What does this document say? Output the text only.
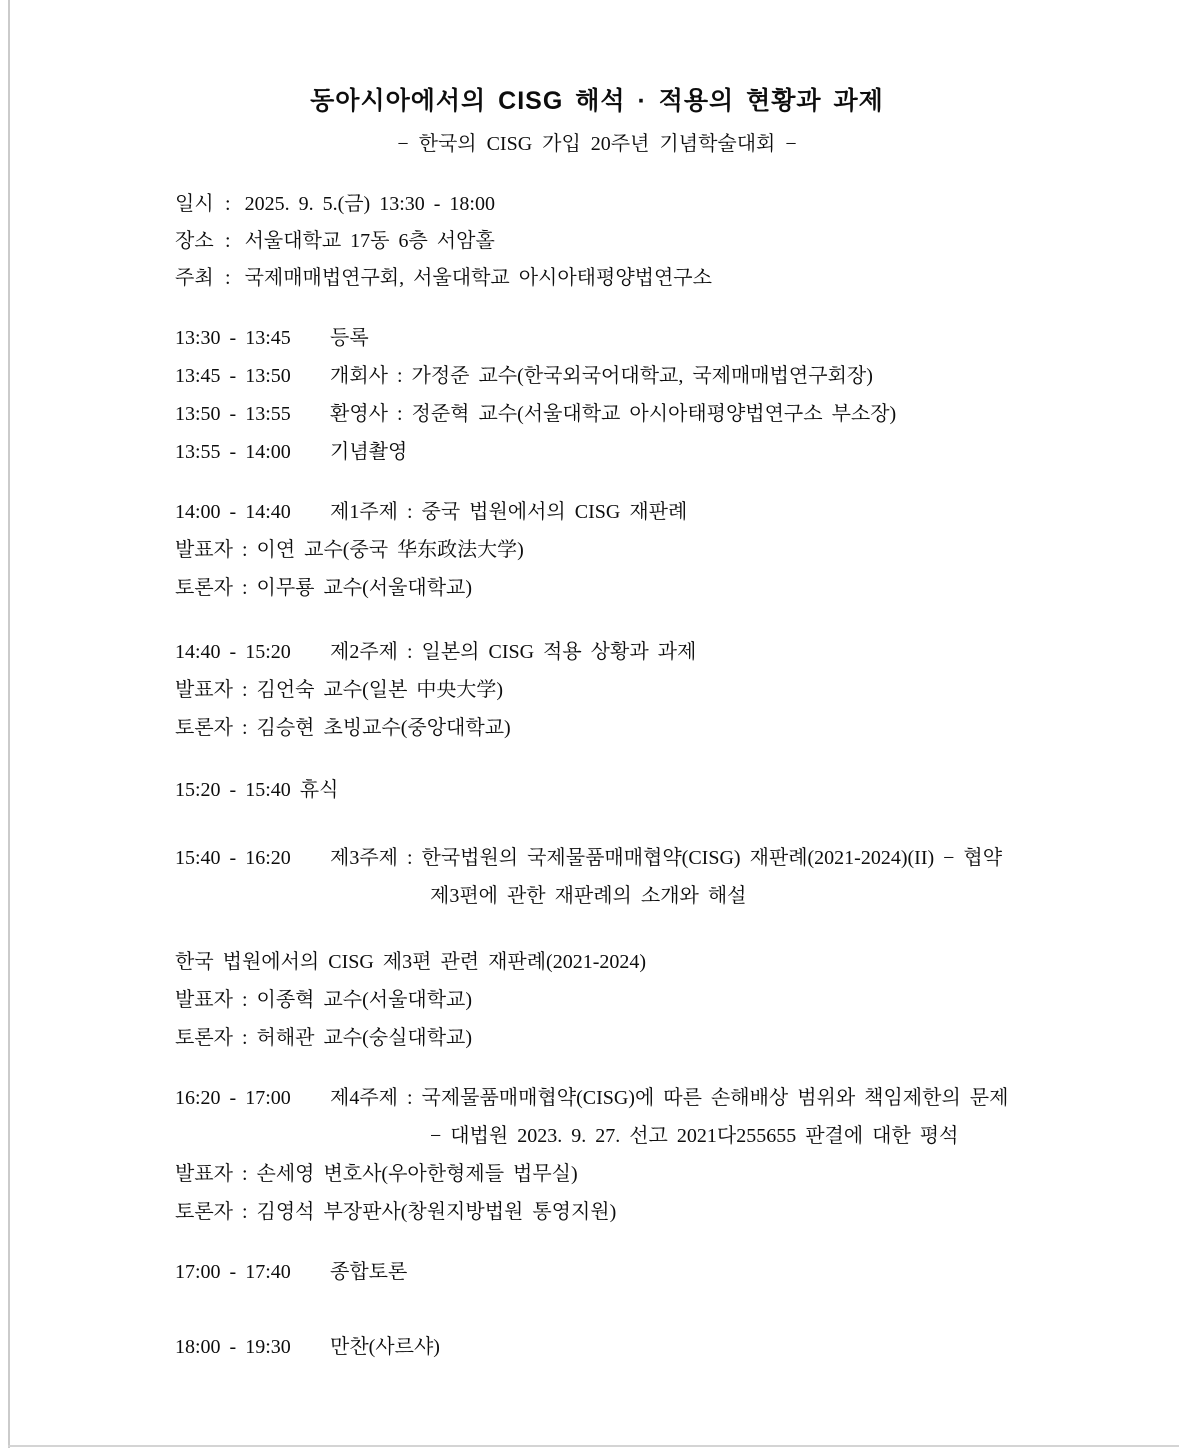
동아시아에서의 CISG 해석 · 적용의 현황과 과제
− 한국의 CISG 가입 20주년 기념학술대회 −
일시 : 2025. 9. 5.(금) 13:30 - 18:00
장소 : 서울대학교 17동 6층 서암홀
주최 : 국제매매법연구회, 서울대학교 아시아태평양법연구소
13:30 - 13:45	등록
13:45 - 13:50	개회사 : 가정준 교수(한국외국어대학교, 국제매매법연구회장)
13:50 - 13:55	환영사 : 정준혁 교수(서울대학교 아시아태평양법연구소 부소장)
13:55 - 14:00	기념촬영
14:00 - 14:40	제1주제 : 중국 법원에서의 CISG 재판례
발표자 : 이연 교수(중국 华东政法大学)
토론자 : 이무룡 교수(서울대학교)
14:40 - 15:20	제2주제 : 일본의 CISG 적용 상황과 과제
발표자 : 김언숙 교수(일본 中央大学)
토론자 : 김승현 초빙교수(중앙대학교)
15:20 - 15:40 휴식
15:40 - 16:20	제3주제 : 한국법원의 국제물품매매협약(CISG) 재판례(2021-2024)(II) − 협약
제3편에 관한 재판례의 소개와 해설
한국 법원에서의 CISG 제3편 관련 재판례(2021-2024)
발표자 : 이종혁 교수(서울대학교)
토론자 : 허해관 교수(숭실대학교)
16:20 - 17:00	제4주제 : 국제물품매매협약(CISG)에 따른 손해배상 범위와 책임제한의 문제
− 대법원 2023. 9. 27. 선고 2021다255655 판결에 대한 평석
발표자 : 손세영 변호사(우아한형제들 법무실)
토론자 : 김영석 부장판사(창원지방법원 통영지원)
17:00 - 17:40	종합토론
18:00 - 19:30	만찬(사르샤)
